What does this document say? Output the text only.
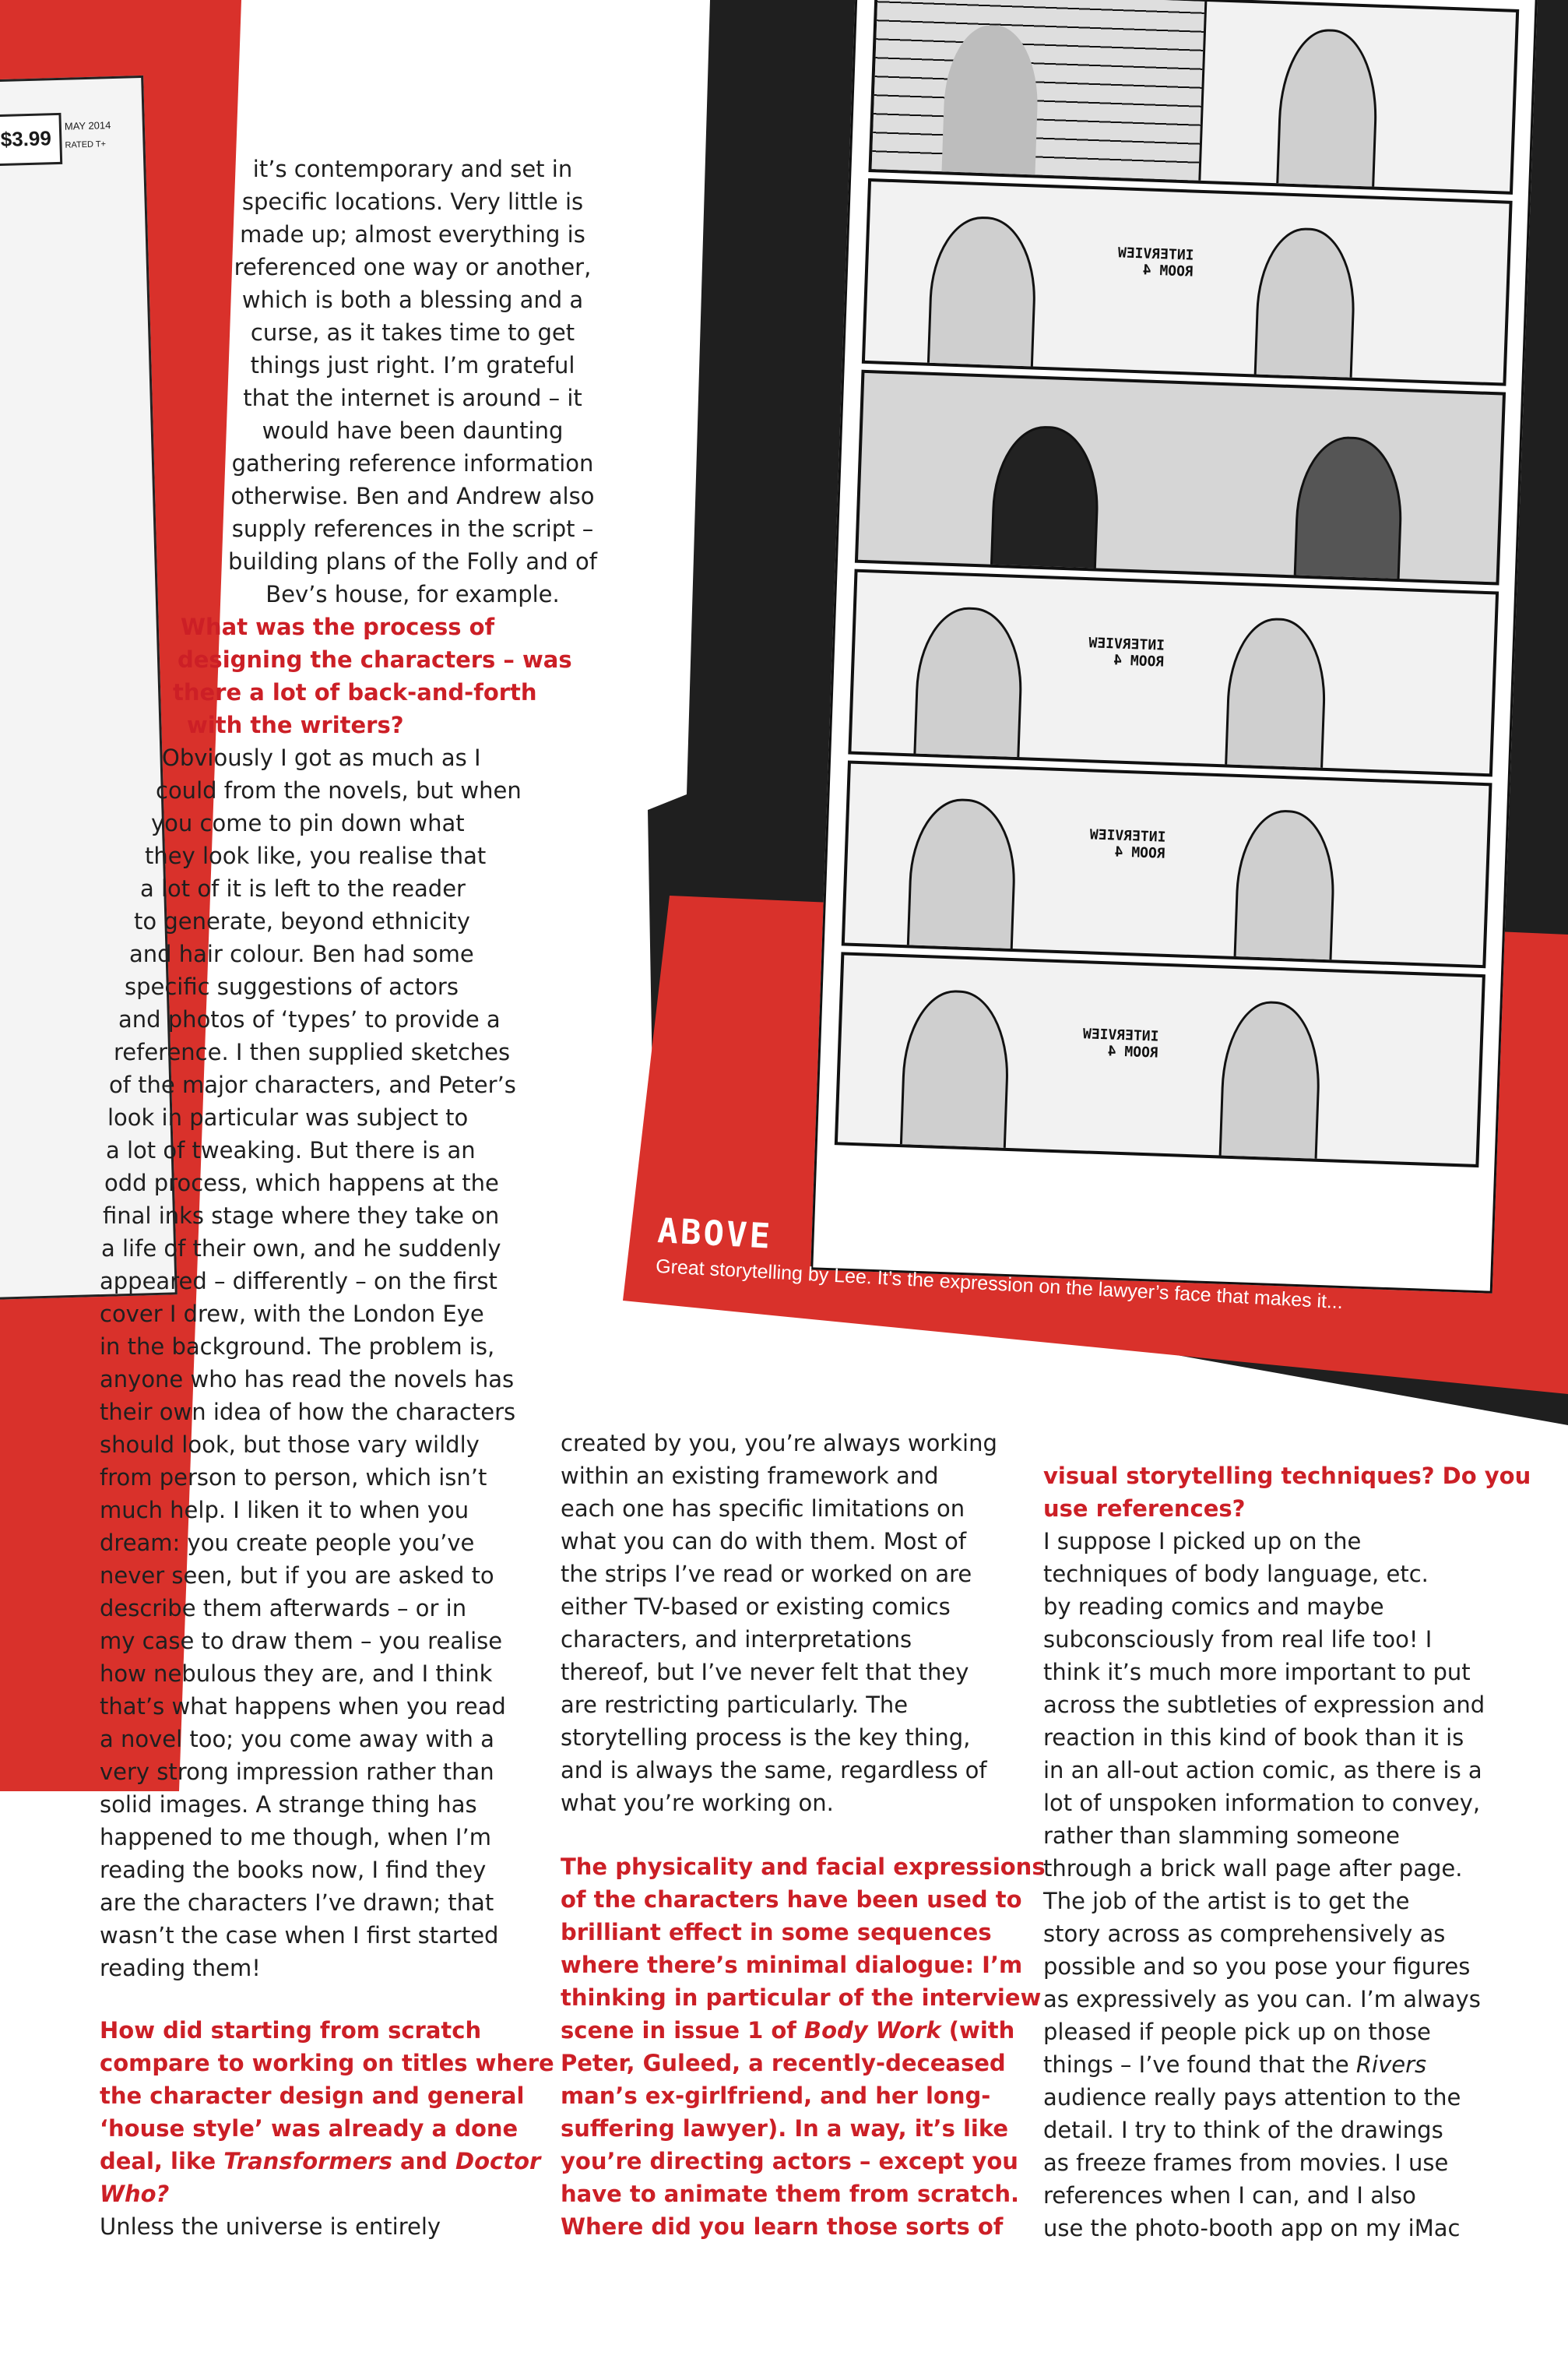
$3.99
MAY 2014
RATED T+
INTERVIEW
ROOM 4
INTERVIEW
ROOM 4
INTERVIEW
ROOM 4
INTERVIEW
ROOM 4

ABOVE

Great storytelling by Lee. It’s the expression on the lawyer’s face that makes it...

it’s contemporary and set in

specific locations. Very little is

made up; almost everything is

referenced one way or another,

which is both a blessing and a

curse, as it takes time to get

things just right. I’m grateful

that the internet is around – it

would have been daunting

gathering reference information

otherwise. Ben and Andrew also

supply references in the script –

building plans of the Folly and of

Bev’s house, for example.

What was the process of

designing the characters – was

there a lot of back-and-forth

with the writers?

Obviously I got as much as I

could from the novels, but when

you come to pin down what

they look like, you realise that

a lot of it is left to the reader

to generate, beyond ethnicity

and hair colour. Ben had some

specific suggestions of actors

and photos of ‘types’ to provide a

reference. I then supplied sketches

of the major characters, and Peter’s

look in particular was subject to

a lot of tweaking. But there is an

odd process, which happens at the

final inks stage where they take on

a life of their own, and he suddenly

appeared – differently – on the first

cover I drew, with the London Eye

in the background. The problem is,

anyone who has read the novels has

their own idea of how the characters

should look, but those vary wildly

from person to person, which isn’t

much help. I liken it to when you

dream: you create people you’ve

never seen, but if you are asked to

describe them afterwards – or in

my case to draw them – you realise

how nebulous they are, and I think

that’s what happens when you read

a novel too; you come away with a

very strong impression rather than

solid images. A strange thing has

happened to me though, when I’m

reading the books now, I find they

are the characters I’ve drawn; that

wasn’t the case when I first started

reading them!

How did starting from scratch

compare to working on titles where

the character design and general

‘house style’ was already a done

deal, like Transformers and Doctor

Who?

Unless the universe is entirely

created by you, you’re always working

within an existing framework and

each one has specific limitations on

what you can do with them. Most of

the strips I’ve read or worked on are

either TV-based or existing comics

characters, and interpretations

thereof, but I’ve never felt that they

are restricting particularly. The

storytelling process is the key thing,

and is always the same, regardless of

what you’re working on.

The physicality and facial expressions

of the characters have been used to

brilliant effect in some sequences

where there’s minimal dialogue: I’m

thinking in particular of the interview

scene in issue 1 of Body Work (with

Peter, Guleed, a recently-deceased

man’s ex-girlfriend, and her long-

suffering lawyer). In a way, it’s like

you’re directing actors – except you

have to animate them from scratch.

Where did you learn those sorts of

visual storytelling techniques? Do you

use references?

I suppose I picked up on the

techniques of body language, etc.

by reading comics and maybe

subconsciously from real life too! I

think it’s much more important to put

across the subtleties of expression and

reaction in this kind of book than it is

in an all-out action comic, as there is a

lot of unspoken information to convey,

rather than slamming someone

through a brick wall page after page.

The job of the artist is to get the

story across as comprehensively as

possible and so you pose your figures

as expressively as you can. I’m always

pleased if people pick up on those

things – I’ve found that the Rivers

audience really pays attention to the

detail. I try to think of the drawings

as freeze frames from movies. I use

references when I can, and I also

use the photo-booth app on my iMac
